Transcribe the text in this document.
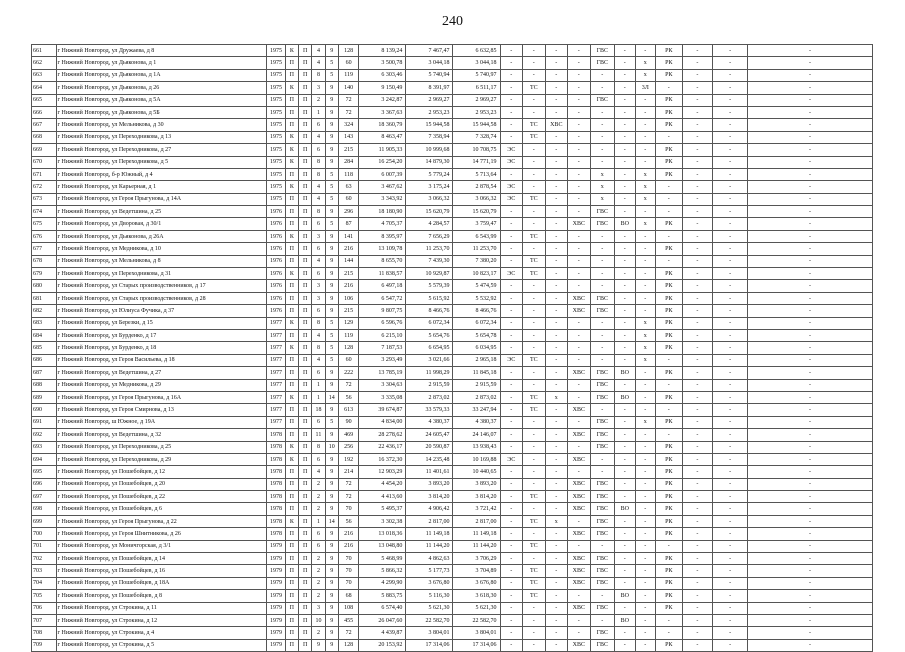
240
661	г Нижний Новгород, ул Дружаева, д 8	1975	К	П	4	9	128	8 139,24	7 467,47	6 632,85	-	-	-	-	ГВС	-	-	РК	-	-	-
662	г Нижний Новгород, ул Дьяконова, д 1	1975	П	П	4	5	60	3 500,78	3 044,18	3 044,18	-	-	-	-	ГВС	-	х	РК	-	-	-
663	г Нижний Новгород, ул Дьяконова, д 1А	1975	П	П	8	5	119	6 303,46	5 740,94	5 740,97	-	-	-	-	-	-	х	РК	-	-	-
664	г Нижний Новгород, ул Дьяконова, д 26	1975	К	П	3	9	140	9 150,49	8 391,97	6 511,17	-	ТС	-	-	-	-	3Л	-	-	-	-
665	г Нижний Новгород, ул Дьяконова, д 5А	1975	П	П	2	9	72	3 242,87	2 969,27	2 969,27	-	-	-	-	ГВС	-	-	РК	-	-	-
666	г Нижний Новгород, ул Дьяконова, д 5Б	1975	П	П	1	9	72	3 367,63	2 953,23	2 953,23	-	-	-	-	-	-	-	РК	-	-	-
667	г Нижний Новгород, ул Мельникова, д 30	1975	П	П	6	9	324	18 360,79	15 944,58	15 944,58	-	ТС	ХВС	-	-	-	-	РК	-	-	-
668	г Нижний Новгород, ул Переходникова, д 13	1975	К	П	4	9	143	8 463,47	7 358,94	7 328,74	-	ТС	-	-	-	-	-	-	-	-	-
669	г Нижний Новгород, ул Переходникова, д 27	1975	К	П	6	9	215	11 905,33	10 999,68	10 708,75	ЭС	-	-	-	-	-	-	РК	-	-	-
670	г Нижний Новгород, ул Переходникова, д 5	1975	К	П	8	9	284	16 254,20	14 879,30	14 771,19	ЭС	-	-	-	-	-	-	РК	-	-	-
671	г Нижний Новгород, б-р Южный, д 4	1975	П	П	8	5	118	6 007,39	5 779,24	5 713,64	-	-	-	-	х	-	х	РК	-	-	-
672	г Нижний Новгород, ул Карьерная, д 1	1975	К	П	4	5	63	3 467,62	3 175,24	2 878,54	ЭС	-	-	-	х	-	х	-	-	-	-
673	г Нижний Новгород, ул Героя Прыгунова, д 14А	1975	П	П	4	5	60	3 343,92	3 066,32	3 066,32	ЭС	ТС	-	-	х	-	х	-	-	-	-
674	г Нижний Новгород, ул Ведетшина, д 25	1976	П	П	8	9	296	18 180,90	15 620,79	15 620,79	-	-	-	-	ГВС	-	-	-	-	-	-
675	г Нижний Новгород, ул Дворовая, д 30/1	1976	П	П	6	5	87	4 705,37	4 284,57	3 759,47	-	-	-	ХВС	ГВС	ВО	х	РК	-	-	-
676	г Нижний Новгород, ул Дьяконова, д 26А	1976	К	П	3	9	141	8 395,97	7 656,29	6 543,99	-	ТС	-	-	-	-	-	-	-	-	-
677	г Нижний Новгород, ул Медникова, д 10	1976	П	П	6	9	216	13 109,78	11 253,70	11 253,70	-	-	-	-	-	-	-	РК	-	-	-
678	г Нижний Новгород, ул Мельникова, д 8	1976	П	П	4	9	144	8 655,70	7 439,30	7 380,20	-	ТС	-	-	-	-	-	-	-	-	-
679	г Нижний Новгород, ул Переходникова, д 31	1976	К	П	6	9	215	11 838,57	10 929,87	10 823,17	ЭС	ТС	-	-	-	-	-	РК	-	-	-
680	г Нижний Новгород, ул Старых производственников, д 17	1976	П	П	3	9	216	6 497,18	5 579,39	5 474,59	-	-	-	-	-	-	-	РК	-	-	-
681	г Нижний Новгород, ул Старых производственников, д 28	1976	П	П	3	9	106	6 547,72	5 615,92	5 532,92	-	-	-	ХВС	ГВС	-	-	РК	-	-	-
682	г Нижний Новгород, ул Юлиуса Фучика, д 37	1976	П	П	6	9	215	9 807,75	8 466,76	8 466,76	-	-	-	ХВС	ГВС	-	-	РК	-	-	-
683	г Нижний Новгород, ул Березки, д 15	1977	К	П	8	5	129	6 596,76	6 072,34	6 072,34	-	-	-	-	-	-	х	РК	-	-	-
684	г Нижний Новгород, ул Бурденко, д 17	1977	П	П	4	5	119	6 215,10	5 654,76	5 654,78	-	-	-	-	-	-	х	РК	-	-	-
685	г Нижний Новгород, ул Бурденко, д 18	1977	К	П	8	5	128	7 187,53	6 654,95	6 034,95	-	-	-	-	-	-	х	РК	-	-	-
686	г Нижний Новгород, ул Героя Васильева, д 18	1977	П	П	4	5	60	3 293,49	3 021,66	2 965,18	ЭС	ТС	-	-	-	-	х	-	-	-	-
687	г Нижний Новгород, ул Ведетшина, д 27	1977	П	П	6	9	222	13 785,19	11 998,29	11 845,18	-	-	-	ХВС	ГВС	ВО	-	РК	-	-	-
688	г Нижний Новгород, ул Медникова, д 29	1977	П	П	1	9	72	3 304,63	2 915,59	2 915,59	-	-	-	-	ГВС	-	-	-	-	-	-
689	г Нижний Новгород, ул Героя Прыгунова, д 16А	1977	К	П	1	14	56	3 335,08	2 873,02	2 873,02	-	ТС	х	-	ГВС	ВО	-	РК	-	-	-
690	г Нижний Новгород, ул Героя Смирнова, д 13	1977	П	П	18	9	613	39 674,87	33 579,33	33 247,94	-	ТС	-	ХВС	-	-	-	-	-	-	-
691	г Нижний Новгород, ш Южное, д 19А	1977	П	П	6	5	90	4 834,00	4 380,37	4 380,37	-	-	-	-	ГВС	-	х	РК	-	-	-
692	г Нижний Новгород, ул Ведетшина, д 32	1978	П	П	11	9	469	28 278,62	24 605,47	24 146,07	-	-	-	ХВС	ГВС	-	-	-	-	-	-
693	г Нижний Новгород, ул Переходникова, д 25	1978	К	П	8	10	256	22 436,17	20 590,87	13 938,43	-	-	-	-	ГВС	-	-	РК	-	-	-
694	г Нижний Новгород, ул Переходникова, д 29	1978	К	П	6	9	192	16 372,30	14 235,48	10 169,88	ЭС	-	-	ХВС	-	-	-	РК	-	-	-
695	г Нижний Новгород, ул Пошебойцев, д 12	1978	П	П	4	9	214	12 903,29	11 401,61	10 440,65	-	-	-	-	-	-	-	РК	-	-	-
696	г Нижний Новгород, ул Пошебойцев, д 20	1978	П	П	2	9	72	4 454,20	3 893,20	3 893,20	-	-	-	ХВС	ГВС	-	-	РК	-	-	-
697	г Нижний Новгород, ул Пошебойцев, д 22	1978	П	П	2	9	72	4 413,60	3 814,20	3 814,20	-	ТС	-	ХВС	ГВС	-	-	РК	-	-	-
698	г Нижний Новгород, ул Пошебойцев, д 6	1978	П	П	2	9	70	5 495,37	4 906,42	3 721,42	-	-	-	ХВС	ГВС	ВО	-	РК	-	-	-
699	г Нижний Новгород, ул Героя Прыгунова, д 22	1978	К	П	1	14	56	3 302,38	2 817,00	2 817,00	-	ТС	х	-	ГВС	-	-	РК	-	-	-
700	г Нижний Новгород, ул Героя Шнитникова, д 26	1978	П	П	6	9	216	13 018,36	11 149,18	11 149,18	-	-	-	ХВС	ГВС	-	-	РК	-	-	-
701	г Нижний Новгород, ул Моничгорская, д 3/1	1979	П	П	6	9	216	13 048,80	11 144,20	11 144,20	-	ТС	-	-	-	-	-	-	-	-	-
702	г Нижний Новгород, ул Пошебойцев, д 14	1979	П	П	2	9	70	5 468,99	4 862,63	3 706,29	-	-	-	ХВС	ГВС	-	-	РК	-	-	-
703	г Нижний Новгород, ул Пошебойцев, д 16	1979	П	П	2	9	70	5 866,32	5 177,73	3 704,89	-	ТС	-	ХВС	ГВС	-	-	РК	-	-	-
704	г Нижний Новгород, ул Пошебойцев, д 18А	1979	П	П	2	9	70	4 299,90	3 676,80	3 676,80	-	ТС	-	ХВС	ГВС	-	-	РК	-	-	-
705	г Нижний Новгород, ул Пошебойцев, д 8	1979	П	П	2	9	68	5 883,75	5 116,30	3 618,30	-	ТС	-	-	-	ВО	-	РК	-	-	-
706	г Нижний Новгород, ул Строкина, д 11	1979	П	П	3	9	108	6 574,40	5 621,30	5 621,30	-	-	-	ХВС	ГВС	-	-	РК	-	-	-
707	г Нижний Новгород, ул Строкина, д 12	1979	П	П	10	9	455	26 047,60	22 582,70	22 582,70	-	-	-	-	-	ВО	-	-	-	-	-
708	г Нижний Новгород, ул Строкина, д 4	1979	П	П	2	9	72	4 439,87	3 804,01	3 804,01	-	-	-	-	ГВС	-	-	-	-	-	-
709	г Нижний Новгород, ул Строкина, д 5	1979	П	П	9	9	128	20 153,92	17 314,06	17 314,06	-	-	-	ХВС	ГВС	-	-	РК	-	-	-
